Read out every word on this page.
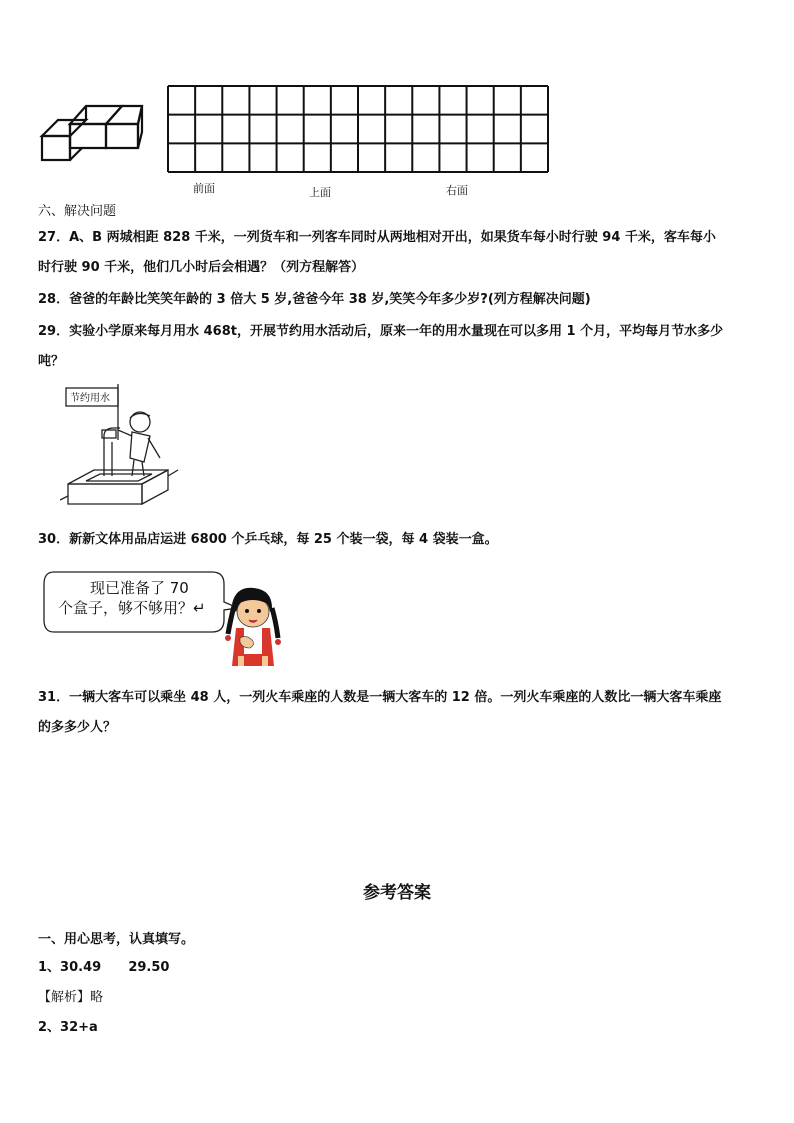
前面	上面	右面
六、解决问题
27．A、B 两城相距 828 千米，一列货车和一列客车同时从两地相对开出，如果货车每小时行驶 94 千米，客车每小
时行驶 90 千米，他们几小时后会相遇？（列方程解答）
28．爸爸的年龄比笑笑年龄的 3 倍大 5 岁,爸爸今年 38 岁,笑笑今年多少岁?(列方程解决问题)
29．实验小学原来每月用水 468t，开展节约用水活动后，原来一年的用水量现在可以多用 1 个月，平均每月节水多少
吨？
节约用水
30．新新文体用品店运进 6800 个乒乓球，每 25 个装一袋，每 4 袋装一盒。
现已准备了 70
个盒子，够不够用？↵
31．一辆大客车可以乘坐 48 人，一列火车乘座的人数是一辆大客车的 12 倍。一列火车乘座的人数比一辆大客车乘座
的多多少人？
参考答案
一、用心思考，认真填写。
1、30.49      29.50
【解析】略
2、32+a
